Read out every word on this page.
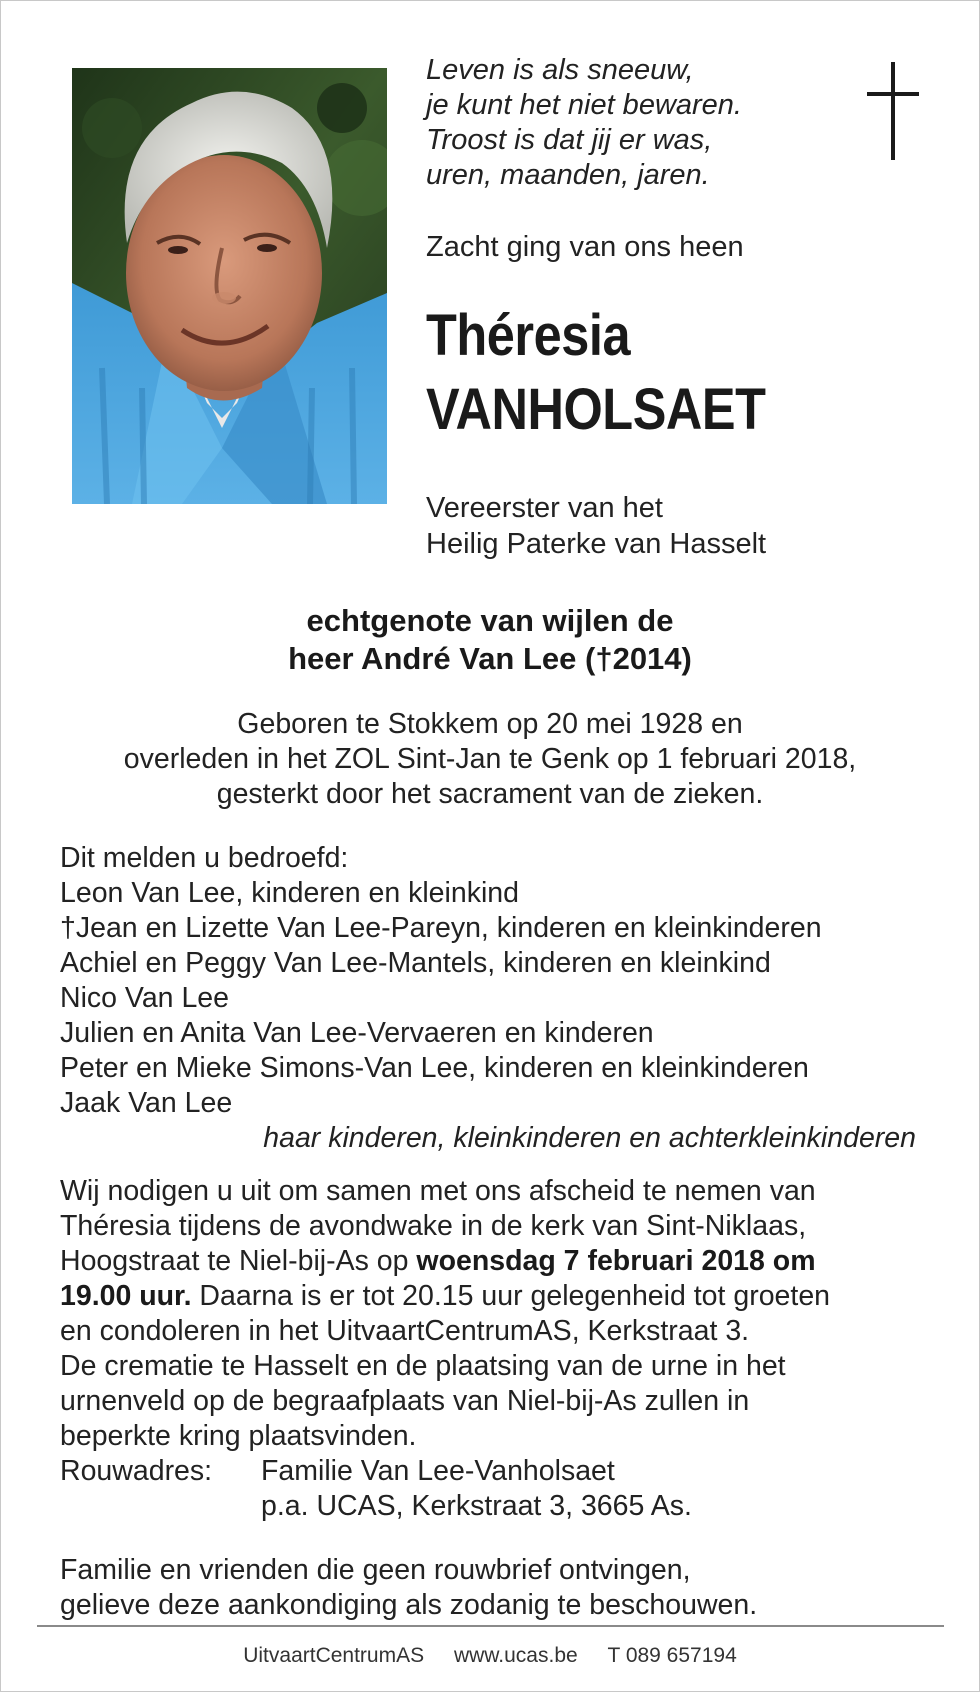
Leven is als sneeuw,
je kunt het niet bewaren.
Troost is dat jij er was,
uren, maanden, jaren.
Zacht ging van ons heen
Théresia
VANHOLSAET
Vereerster van het
Heilig Paterke van Hasselt
echtgenote van wijlen de
heer André Van Lee (†2014)
Geboren te Stokkem op 20 mei 1928 en
overleden in het ZOL Sint-Jan te Genk op 1 februari 2018,
gesterkt door het sacrament van de zieken.
Dit melden u bedroefd:
Leon Van Lee, kinderen en kleinkind
†Jean en Lizette Van Lee-Pareyn, kinderen en kleinkinderen
Achiel en Peggy Van Lee-Mantels, kinderen en kleinkind
Nico Van Lee
Julien en Anita Van Lee-Vervaeren en kinderen
Peter en Mieke Simons-Van Lee, kinderen en kleinkinderen
Jaak Van Lee
haar kinderen, kleinkinderen en achterkleinkinderen
Wij nodigen u uit om samen met ons afscheid te nemen van
Théresia tijdens de avondwake in de kerk van Sint-Niklaas,
Hoogstraat te Niel-bij-As op woensdag 7 februari 2018 om
19.00 uur. Daarna is er tot 20.15 uur gelegenheid tot groeten
en condoleren in het UitvaartCentrumAS, Kerkstraat 3.
De crematie te Hasselt en de plaatsing van de urne in het
urnenveld op de begraafplaats van Niel-bij-As zullen in
beperkte kring plaatsvinden.
Rouwadres:	Familie Van Lee-Vanholsaet
p.a. UCAS, Kerkstraat 3, 3665 As.
Familie en vrienden die geen rouwbrief ontvingen,
gelieve deze aankondiging als zodanig te beschouwen.
UitvaartCentrumAS www.ucas.be T 089 657194
